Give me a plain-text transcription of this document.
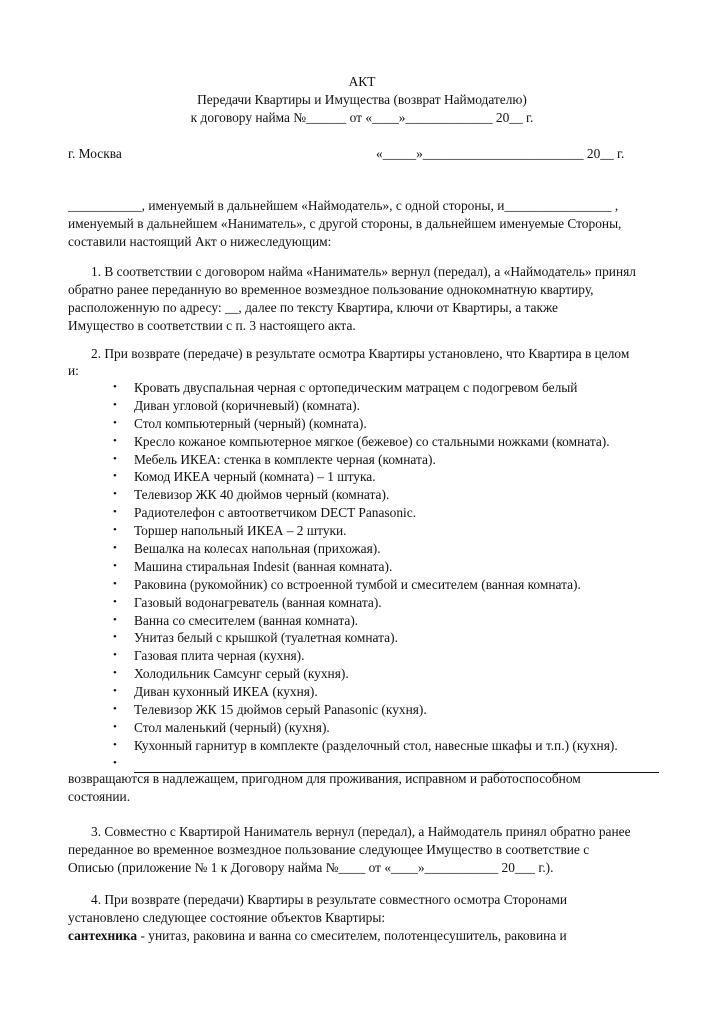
АКТ
Передачи Квартиры и Имущества (возврат Наймодателю)
к договору найма №______ от «____»_____________ 20__ г.
г. Москва	«_____»________________________ 20__ г.

___________, именуемый в дальнейшем «Наймодатель», с одной стороны, и________________ ,

именуемый в дальнейшем «Наниматель», с другой стороны, в дальнейшем именуемые Стороны,

составили настоящий Акт о нижеследующим:

1. В соответствии с договором найма «Наниматель» вернул (передал), а «Наймодатель» принял

обратно ранее переданную во временное возмездное пользование однокомнатную квартиру,

расположенную по адресу: __, далее по тексту Квартира, ключи от Квартиры, а также

Имущество в соответствии с п. 3 настоящего акта.

2. При возврате (передаче) в результате осмотра Квартиры установлено, что Квартира в целом

и:

• Кровать двуспальная черная с ортопедическим матрацем с подогревом белый
• Диван угловой (коричневый) (комната).
• Стол компьютерный (черный) (комната).
• Кресло кожаное компьютерное мягкое (бежевое) со стальными ножками (комната).
• Мебель ИКЕА: стенка в комплекте черная (комната).
• Комод ИКЕА черный (комната) – 1 штука.
• Телевизор ЖК 40 дюймов черный (комната).
• Радиотелефон с автоответчиком DECT Panasonic.
• Торшер напольный ИКЕА – 2 штуки.
• Вешалка на колесах напольная (прихожая).
• Машина стиральная Indesit (ванная комната).
• Раковина (рукомойник) со встроенной тумбой и смесителем (ванная комната).
• Газовый водонагреватель (ванная комната).
• Ванна со смесителем (ванная комната).
• Унитаз белый с крышкой (туалетная комната).
• Газовая плита черная (кухня).
• Холодильник Самсунг серый (кухня).
• Диван кухонный ИКЕА (кухня).
• Телевизор ЖК 15 дюймов серый Panasonic (кухня).
• Стол маленький (черный) (кухня).
• Кухонный гарнитур в комплекте (разделочный стол, навесные шкафы и т.п.) (кухня).
•

возвращаются в надлежащем, пригодном для проживания, исправном и работоспособном

состоянии.

3. Совместно с Квартирой Наниматель вернул (передал), а Наймодатель принял обратно ранее

переданное во временное возмездное пользование следующее Имущество в соответствие с

Описью (приложение № 1 к Договору найма №____ от «____»___________ 20___ г.).

4. При возврате (передачи) Квартиры в результате совместного осмотра Сторонами

установлено следующее состояние объектов Квартиры:

сантехника - унитаз, раковина и ванна со смесителем, полотенцесушитель, раковина и
